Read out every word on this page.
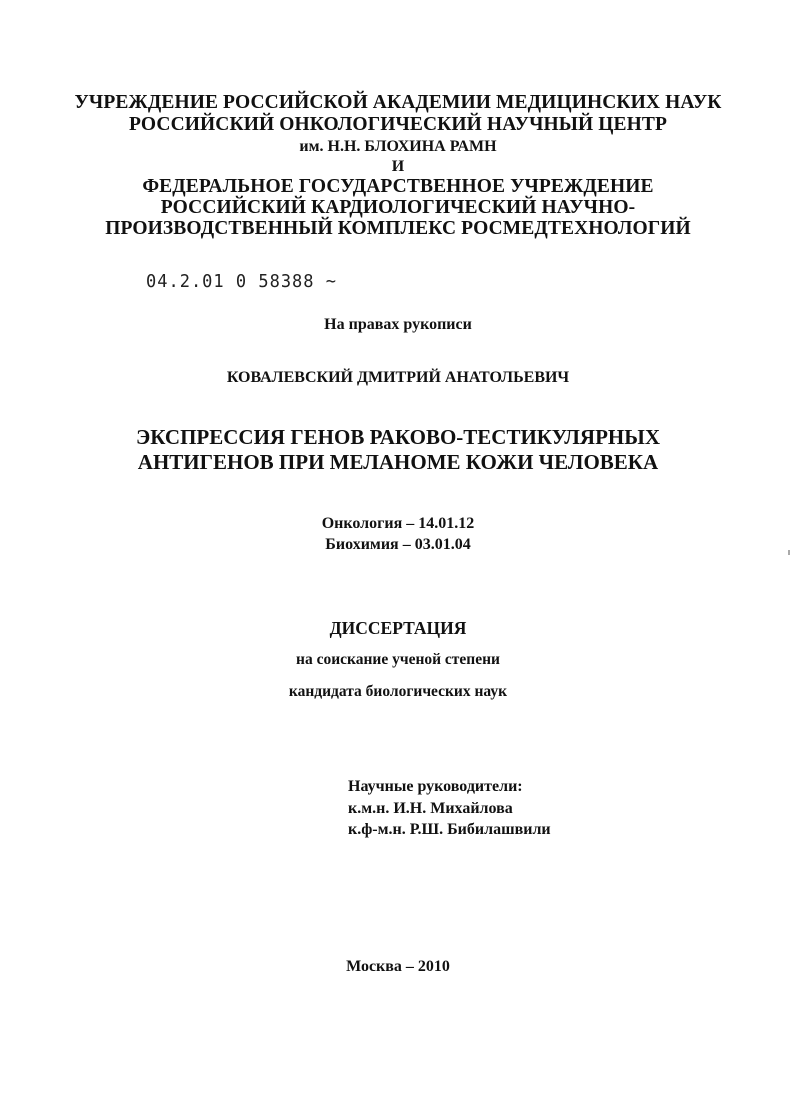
УЧРЕЖДЕНИЕ РОССИЙСКОЙ АКАДЕМИИ МЕДИЦИНСКИХ НАУК
РОССИЙСКИЙ ОНКОЛОГИЧЕСКИЙ НАУЧНЫЙ ЦЕНТР
им. Н.Н. БЛОХИНА РАМН
И
ФЕДЕРАЛЬНОЕ ГОСУДАРСТВЕННОЕ УЧРЕЖДЕНИЕ
РОССИЙСКИЙ КАРДИОЛОГИЧЕСКИЙ НАУЧНО-
ПРОИЗВОДСТВЕННЫЙ КОМПЛЕКС РОСМЕДТЕХНОЛОГИЙ
04.2.01 0 58388 ~
На правах рукописи
КОВАЛЕВСКИЙ ДМИТРИЙ АНАТОЛЬЕВИЧ
ЭКСПРЕССИЯ ГЕНОВ РАКОВО-ТЕСТИКУЛЯРНЫХ
АНТИГЕНОВ ПРИ МЕЛАНОМЕ КОЖИ ЧЕЛОВЕКА
Онкология – 14.01.12
Биохимия – 03.01.04
ДИССЕРТАЦИЯ
на соискание ученой степени
кандидата биологических наук
Научные руководители:
к.м.н. И.Н. Михайлова
к.ф-м.н. Р.Ш. Бибилашвили
Москва – 2010
